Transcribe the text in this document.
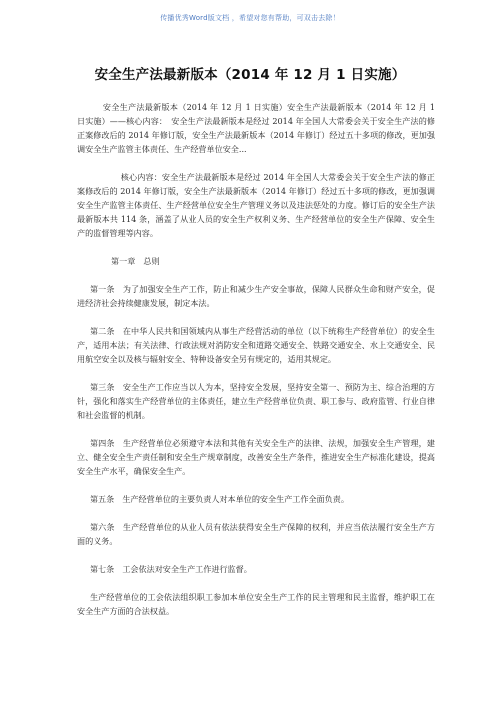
传播优秀Word版文档 ，希望对您有帮助，可双击去除！
安全生产法最新版本（2014 年 12 月 1 日实施）

安全生产法最新版本（2014 年 12 月 1 日实施）安全生产法最新版本（2014 年 12 月 1 日实施）——核心内容：　安全生产法最新版本是经过 2014 年全国人大常委会关于安全生产法的修正案修改后的 2014 年修订版，安全生产法最新版本（2014 年修订）经过五十多项的修改，更加强调安全生产监管主体责任、生产经营单位安全...

核心内容：安全生产法最新版本是经过 2014 年全国人大常委会关于安全生产法的修正案修改后的 2014 年修订版，安全生产法最新版本（2014 年修订）经过五十多项的修改，更加强调安全生产监管主体责任、生产经营单位安全生产管理义务以及违法惩处的力度。修订后的安全生产法最新版本共 114 条，涵盖了从业人员的安全生产权利义务、生产经营单位的安全生产保障、安全生产的监督管理等内容。

第一章　总则

第一条　为了加强安全生产工作，防止和减少生产安全事故，保障人民群众生命和财产安全，促进经济社会持续健康发展，制定本法。

第二条　在中华人民共和国领域内从事生产经营活动的单位（以下统称生产经营单位）的安全生产，适用本法；有关法律、行政法规对消防安全和道路交通安全、铁路交通安全、水上交通安全、民用航空安全以及核与辐射安全、特种设备安全另有规定的，适用其规定。

第三条　安全生产工作应当以人为本，坚持安全发展，坚持安全第一、预防为主、综合治理的方针，强化和落实生产经营单位的主体责任，建立生产经营单位负责、职工参与、政府监管、行业自律和社会监督的机制。

第四条　生产经营单位必须遵守本法和其他有关安全生产的法律、法规，加强安全生产管理，建立、健全安全生产责任制和安全生产规章制度，改善安全生产条件，推进安全生产标准化建设，提高安全生产水平，确保安全生产。

第五条　生产经营单位的主要负责人对本单位的安全生产工作全面负责。

第六条　生产经营单位的从业人员有依法获得安全生产保障的权利，并应当依法履行安全生产方面的义务。

第七条　工会依法对安全生产工作进行监督。

生产经营单位的工会依法组织职工参加本单位安全生产工作的民主管理和民主监督，维护职工在安全生产方面的合法权益。
